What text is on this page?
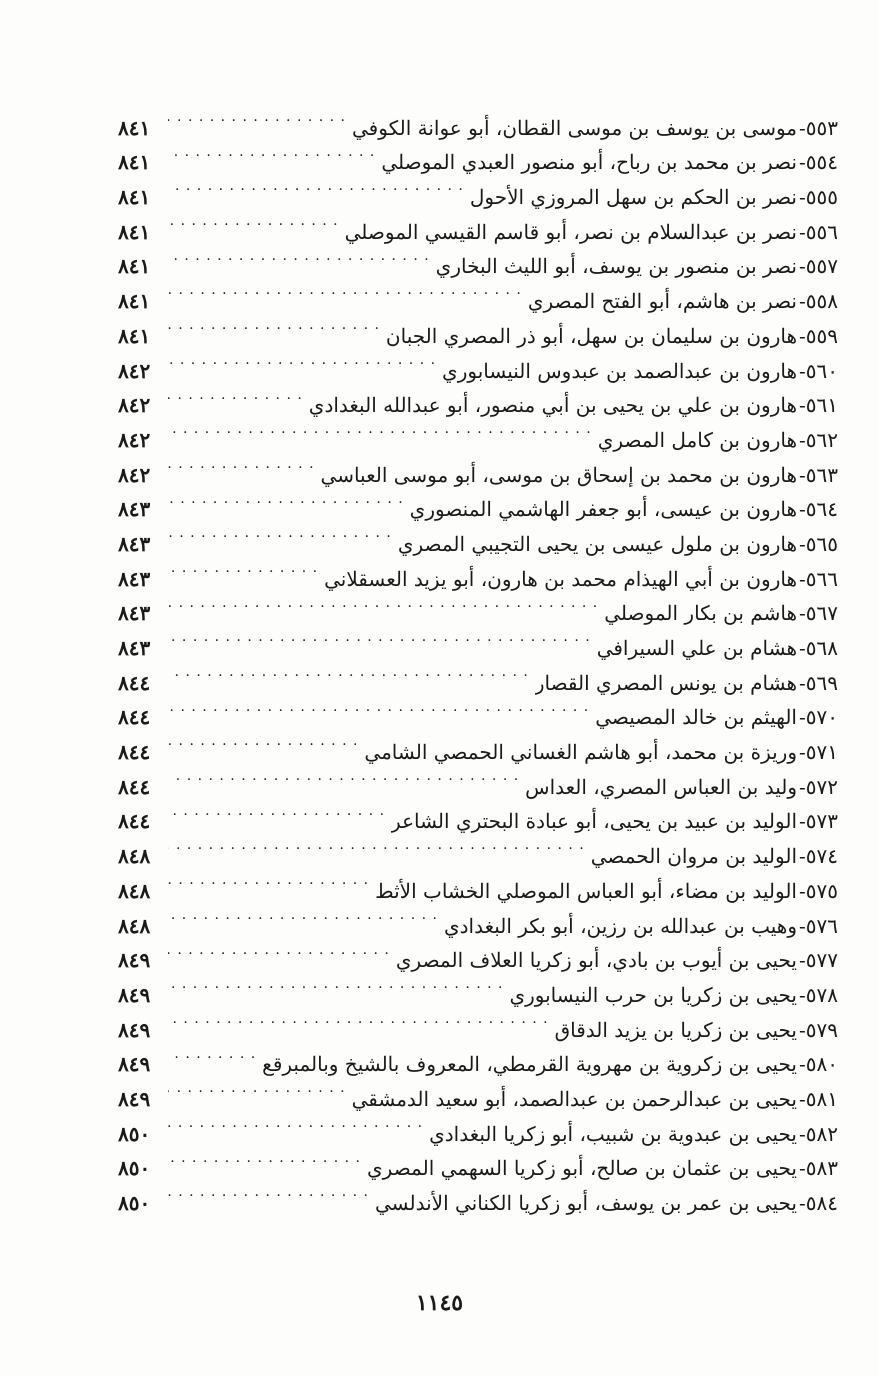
٥٥٣-
موسى بن يوسف بن موسى القطان، أبو عوانة الكوفي
. . .
٨٤١
٥٥٤-
نصر بن محمد بن رباح، أبو منصور العبدي الموصلي
. . .
٨٤١
٥٥٥-
نصر بن الحكم بن سهل المروزي الأحول
. . .
٨٤١
٥٥٦-
نصر بن عبدالسلام بن نصر، أبو قاسم القيسي الموصلي
. . .
٨٤١
٥٥٧-
نصر بن منصور بن يوسف، أبو الليث البخاري
. . .
٨٤١
٥٥٨-
نصر بن هاشم، أبو الفتح المصري
. . .
٨٤١
٥٥٩-
هارون بن سليمان بن سهل، أبو ذر المصري الجبان
. . .
٨٤١
٥٦٠-
هارون بن عبدالصمد بن عبدوس النيسابوري
. . .
٨٤٢
٥٦١-
هارون بن علي بن يحيى بن أبي منصور، أبو عبدالله البغدادي
. . .
٨٤٢
٥٦٢-
هارون بن كامل المصري
. . .
٨٤٢
٥٦٣-
هارون بن محمد بن إسحاق بن موسى، أبو موسى العباسي
. . .
٨٤٢
٥٦٤-
هارون بن عيسى، أبو جعفر الهاشمي المنصوري
. . .
٨٤٣
٥٦٥-
هارون بن ملول عيسى بن يحيى التجيبي المصري
. . .
٨٤٣
٥٦٦-
هارون بن أبي الهيذام محمد بن هارون، أبو يزيد العسقلاني
. . .
٨٤٣
٥٦٧-
هاشم بن بكار الموصلي
. . .
٨٤٣
٥٦٨-
هشام بن علي السيرافي
. . .
٨٤٣
٥٦٩-
هشام بن يونس المصري القصار
. . .
٨٤٤
٥٧٠-
الهيثم بن خالد المصيصي
. . .
٨٤٤
٥٧١-
وريزة بن محمد، أبو هاشم الغساني الحمصي الشامي
. . .
٨٤٤
٥٧٢-
وليد بن العباس المصري، العداس
. . .
٨٤٤
٥٧٣-
الوليد بن عبيد بن يحيى، أبو عبادة البحتري الشاعر
. . .
٨٤٤
٥٧٤-
الوليد بن مروان الحمصي
. . .
٨٤٨
٥٧٥-
الوليد بن مضاء، أبو العباس الموصلي الخشاب الأثط
. . .
٨٤٨
٥٧٦-
وهيب بن عبدالله بن رزين، أبو بكر البغدادي
. . .
٨٤٨
٥٧٧-
يحيى بن أيوب بن بادي، أبو زكريا العلاف المصري
. . .
٨٤٩
٥٧٨-
يحيى بن زكريا بن حرب النيسابوري
. . .
٨٤٩
٥٧٩-
يحيى بن زكريا بن يزيد الدقاق
. . .
٨٤٩
٥٨٠-
يحيى بن زكروية بن مهروية القرمطي، المعروف بالشيخ وبالمبرقع
. . .
٨٤٩
٥٨١-
يحيى بن عبدالرحمن بن عبدالصمد، أبو سعيد الدمشقي
. . .
٨٤٩
٥٨٢-
يحيى بن عبدوية بن شبيب، أبو زكريا البغدادي
. . .
٨٥٠
٥٨٣-
يحيى بن عثمان بن صالح، أبو زكريا السهمي المصري
. . .
٨٥٠
٥٨٤-
يحيى بن عمر بن يوسف، أبو زكريا الكناني الأندلسي
. . .
٨٥٠
١١٤٥
